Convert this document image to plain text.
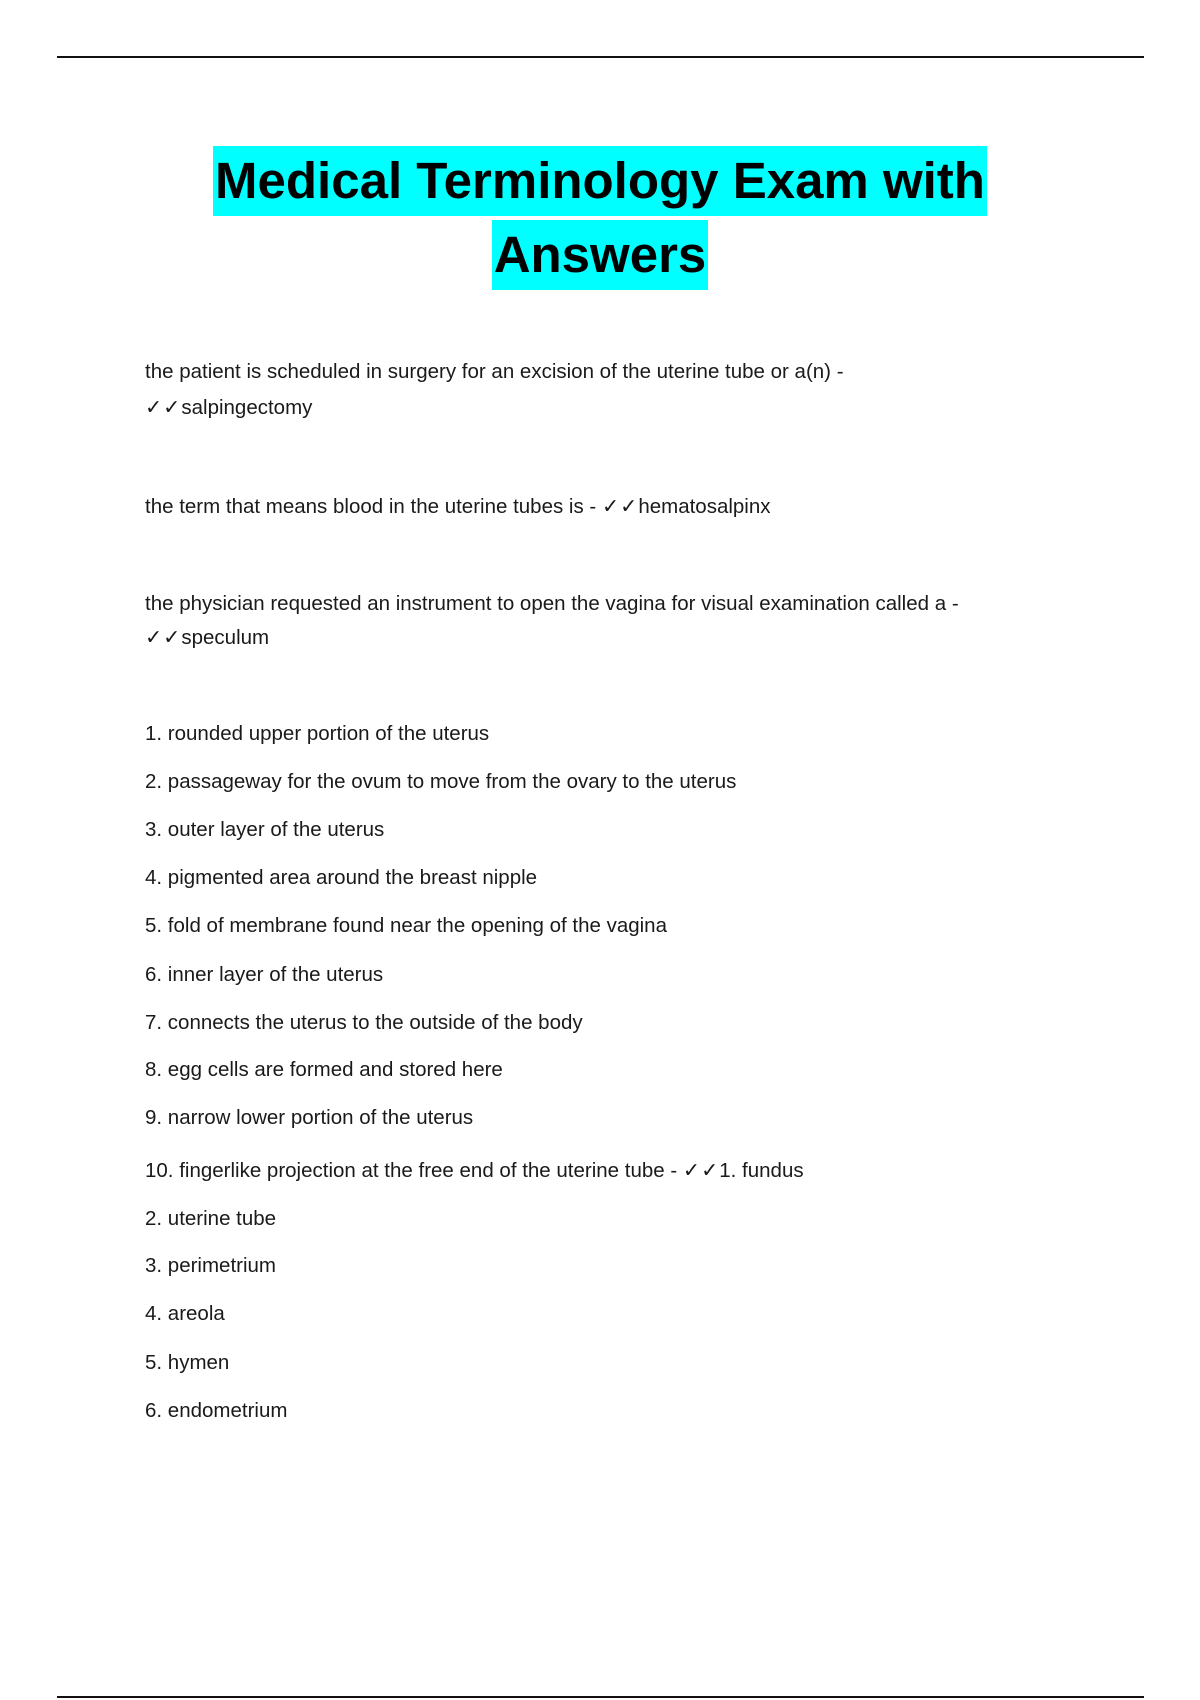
Medical Terminology Exam with
Answers
the patient is scheduled in surgery for an excision of the uterine tube or a(n) -
✓✓salpingectomy
the term that means blood in the uterine tubes is - ✓✓hematosalpinx
the physician requested an instrument to open the vagina for visual examination called a -
✓✓speculum
1. rounded upper portion of the uterus
2. passageway for the ovum to move from the ovary to the uterus
3. outer layer of the uterus
4. pigmented area around the breast nipple
5. fold of membrane found near the opening of the vagina
6. inner layer of the uterus
7. connects the uterus to the outside of the body
8. egg cells are formed and stored here
9. narrow lower portion of the uterus
10. fingerlike projection at the free end of the uterine tube - ✓✓1. fundus
2. uterine tube
3. perimetrium
4. areola
5. hymen
6. endometrium
